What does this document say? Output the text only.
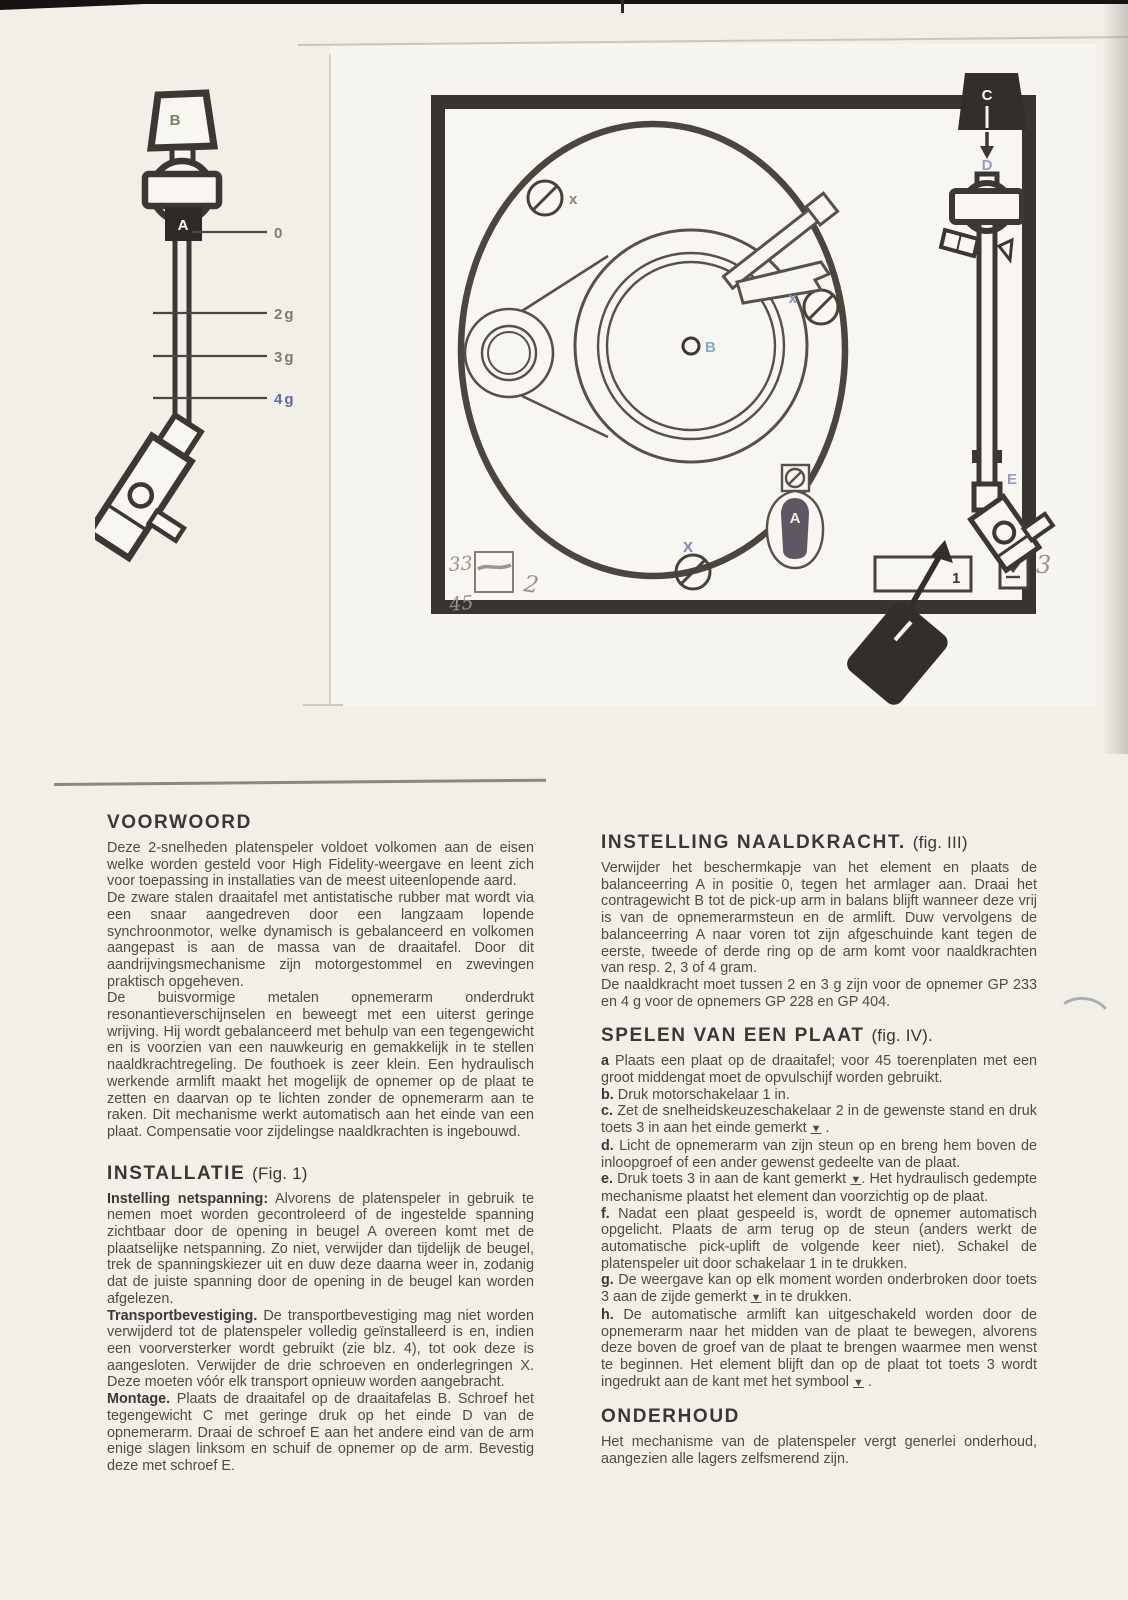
B
A	0
2g
3g
4g
x
x
X
B
A
33
45
2	1	3
C
D
E
VOORWOORD

Deze 2-snelheden platenspeler voldoet volkomen aan de eisen welke worden gesteld voor High Fidelity-weergave en leent zich voor toepassing in installaties van de meest uiteenlopende aard.

De zware stalen draaitafel met antistatische rubber mat wordt via een snaar aangedreven door een langzaam lopende synchroonmotor, welke dynamisch is gebalanceerd en volkomen aangepast is aan de massa van de draaitafel. Door dit aandrijvingsmechanisme zijn motorgestommel en zwevingen praktisch opgeheven.

De buisvormige metalen opnemerarm onderdrukt resonantieverschijnselen en beweegt met een uiterst geringe wrijving. Hij wordt gebalanceerd met behulp van een tegengewicht en is voorzien van een nauwkeurig en gemakkelijk in te stellen naaldkrachtregeling. De fouthoek is zeer klein. Een hydraulisch werkende armlift maakt het mogelijk de opnemer op de plaat te zetten en daarvan op te lichten zonder de opnemerarm aan te raken. Dit mechanisme werkt automatisch aan het einde van een plaat. Compensatie voor zijdelingse naaldkrachten is ingebouwd.

INSTALLATIE (Fig. 1)

Instelling netspanning: Alvorens de platenspeler in gebruik te nemen moet worden gecontroleerd of de ingestelde spanning zichtbaar door de opening in beugel A overeen komt met de plaatselijke netspanning. Zo niet, verwijder dan tijdelijk de beugel, trek de spanningskiezer uit en duw deze daarna weer in, zodanig dat de juiste spanning door de opening in de beugel kan worden afgelezen.

Transportbevestiging. De transportbevestiging mag niet worden verwijderd tot de platenspeler volledig geïnstalleerd is en, indien een voorversterker wordt gebruikt (zie blz. 4), tot ook deze is aangesloten. Verwijder de drie schroeven en onderlegringen X. Deze moeten vóór elk transport opnieuw worden aangebracht.

Montage. Plaats de draaitafel op de draaitafelas B. Schroef het tegengewicht C met geringe druk op het einde D van de opnemerarm. Draai de schroef E aan het andere eind van de arm enige slagen linksom en schuif de opnemer op de arm. Bevestig deze met schroef E.

INSTELLING NAALDKRACHT. (fig. III)

Verwijder het beschermkapje van het element en plaats de balanceerring A in positie 0, tegen het armlager aan. Draai het contragewicht B tot de pick-up arm in balans blijft wanneer deze vrij is van de opnemerarmsteun en de armlift. Duw vervolgens de balanceerring A naar voren tot zijn afgeschuinde kant tegen de eerste, tweede of derde ring op de arm komt voor naaldkrachten van resp. 2, 3 of 4 gram.

De naaldkracht moet tussen 2 en 3 g zijn voor de opnemer GP 233 en 4 g voor de opnemers GP 228 en GP 404.

SPELEN VAN EEN PLAAT (fig. IV).

a Plaats een plaat op de draaitafel; voor 45 toerenplaten met een groot middengat moet de opvulschijf worden gebruikt.

b. Druk motorschakelaar 1 in.

c. Zet de snelheidskeuzeschakelaar 2 in de gewenste stand en druk toets 3 in aan het einde gemerkt ▼ .

d. Licht de opnemerarm van zijn steun op en breng hem boven de inloopgroef of een ander gewenst gedeelte van de plaat.

e. Druk toets 3 in aan de kant gemerkt ▼. Het hydraulisch gedempte mechanisme plaatst het element dan voorzichtig op de plaat.

f. Nadat een plaat gespeeld is, wordt de opnemer automatisch opgelicht. Plaats de arm terug op de steun (anders werkt de automatische pick-uplift de volgende keer niet). Schakel de platenspeler uit door schakelaar 1 in te drukken.

g. De weergave kan op elk moment worden onderbroken door toets 3 aan de zijde gemerkt ▼ in te drukken.

h. De automatische armlift kan uitgeschakeld worden door de opnemerarm naar het midden van de plaat te bewegen, alvorens deze boven de groef van de plaat te brengen waarmee men wenst te beginnen. Het element blijft dan op de plaat tot toets 3 wordt ingedrukt aan de kant met het symbool ▼ .

ONDERHOUD

Het mechanisme van de platenspeler vergt generlei onderhoud, aangezien alle lagers zelfsmerend zijn.
